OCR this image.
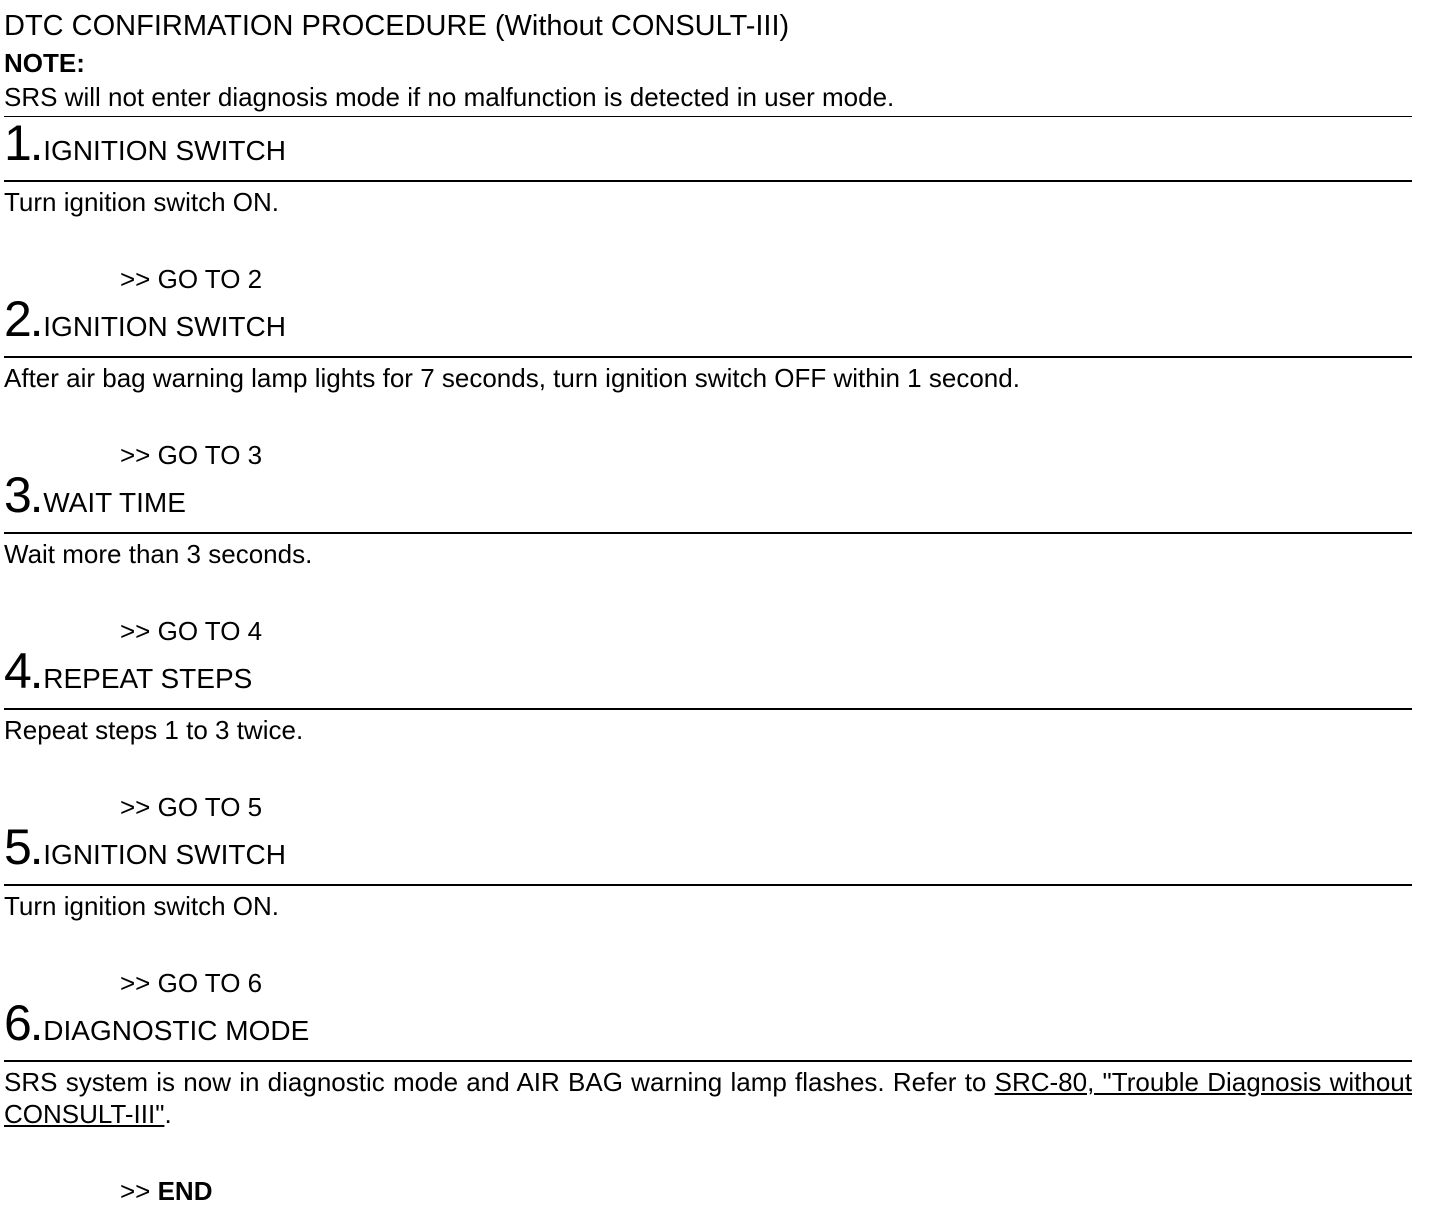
DTC CONFIRMATION PROCEDURE (Without CONSULT-III)
NOTE:
SRS will not enter diagnosis mode if no malfunction is detected in user mode.
1.IGNITION SWITCH
Turn ignition switch ON.
>> GO TO 2
2.IGNITION SWITCH
After air bag warning lamp lights for 7 seconds, turn ignition switch OFF within 1 second.
>> GO TO 3
3.WAIT TIME
Wait more than 3 seconds.
>> GO TO 4
4.REPEAT STEPS
Repeat steps 1 to 3 twice.
>> GO TO 5
5.IGNITION SWITCH
Turn ignition switch ON.
>> GO TO 6
6.DIAGNOSTIC MODE
SRS system is now in diagnostic mode and AIR BAG warning lamp flashes. Refer to SRC-80, "Trouble Diagnosis without CONSULT-III".
>> END
